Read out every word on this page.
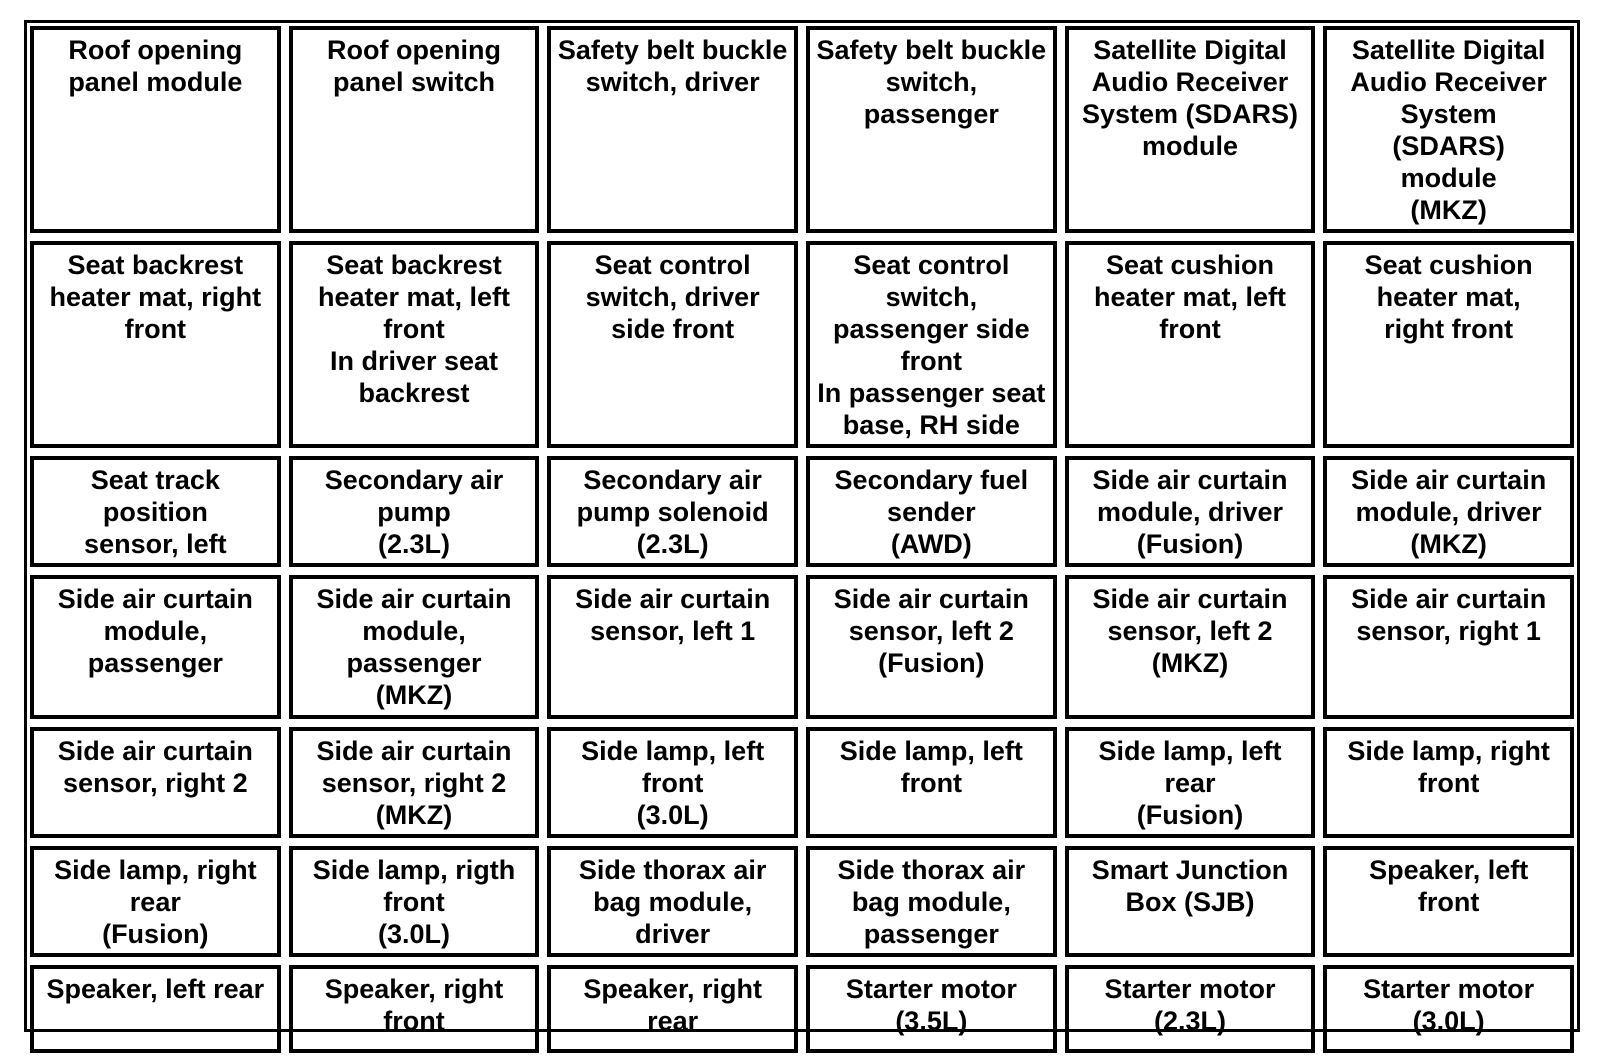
Roof opening
panel module
Roof opening
panel switch
Safety belt buckle
switch, driver
Safety belt buckle
switch,
passenger
Satellite Digital
Audio Receiver
System (SDARS)
module
Satellite Digital
Audio Receiver
System
(SDARS)
module
(MKZ)
Seat backrest
heater mat, right
front
Seat backrest
heater mat, left
front
In driver seat
backrest
Seat control
switch, driver
side front
Seat control
switch,
passenger side
front
In passenger seat
base, RH side
Seat cushion
heater mat, left
front
Seat cushion
heater mat,
right front
Seat track position
sensor, left
Secondary air
pump
(2.3L)
Secondary air
pump solenoid
(2.3L)
Secondary fuel
sender
(AWD)
Side air curtain
module, driver
(Fusion)
Side air curtain
module, driver
(MKZ)
Side air curtain
module,
passenger
Side air curtain
module,
passenger
(MKZ)
Side air curtain
sensor, left 1
Side air curtain
sensor, left 2
(Fusion)
Side air curtain
sensor, left 2
(MKZ)
Side air curtain
sensor, right 1
Side air curtain
sensor, right 2
Side air curtain
sensor, right 2
(MKZ)
Side lamp, left
front
(3.0L)
Side lamp, left
front
Side lamp, left
rear
(Fusion)
Side lamp, right
front
Side lamp, right
rear
(Fusion)
Side lamp, rigth
front
(3.0L)
Side thorax air
bag module,
driver
Side thorax air
bag module,
passenger
Smart Junction
Box (SJB)
Speaker, left
front
Speaker, left rear	Speaker, right
front
Speaker, right
rear
Starter motor
(3.5L)
Starter motor
(2.3L)
Starter motor
(3.0L)
